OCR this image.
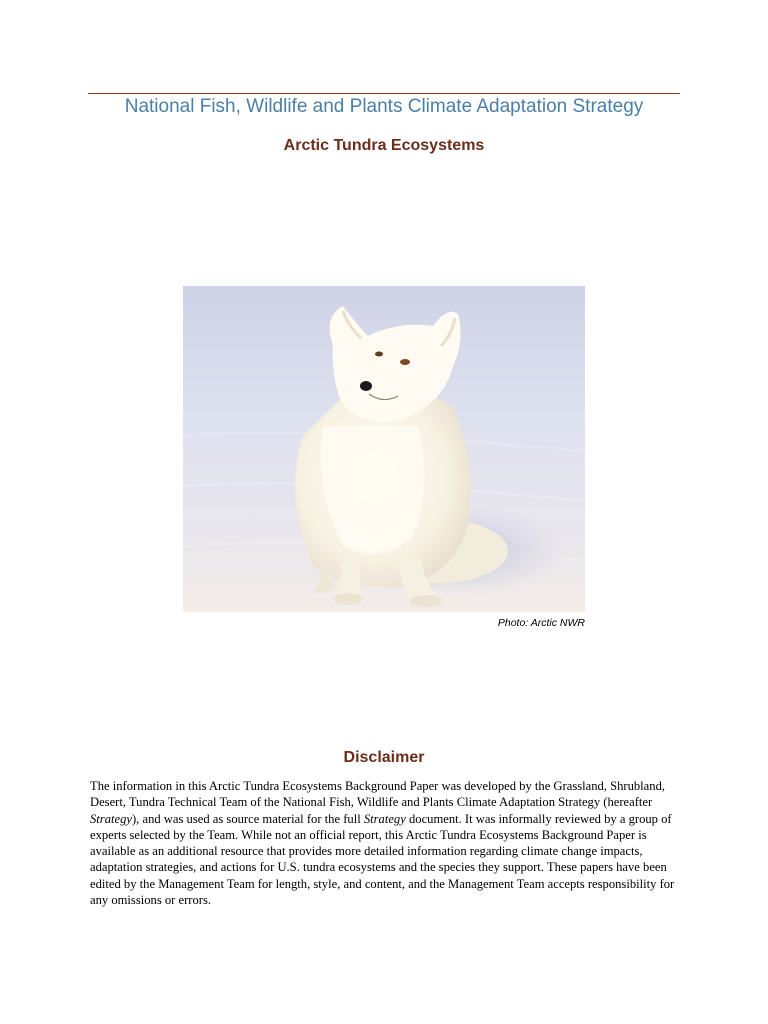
National Fish, Wildlife and Plants Climate Adaptation Strategy
Arctic Tundra Ecosystems
Photo: Arctic NWR
Disclaimer

The information in this Arctic Tundra Ecosystems Background Paper was developed by the Grassland, Shrubland, Desert, Tundra Technical Team of the National Fish, Wildlife and Plants Climate Adaptation Strategy (hereafter Strategy), and was used as source material for the full Strategy document. It was informally reviewed by a group of experts selected by the Team. While not an official report, this Arctic Tundra Ecosystems Background Paper is available as an additional resource that provides more detailed information regarding climate change impacts, adaptation strategies, and actions for U.S. tundra ecosystems and the species they support. These papers have been edited by the Management Team for length, style, and content, and the Management Team accepts responsibility for any omissions or errors.
